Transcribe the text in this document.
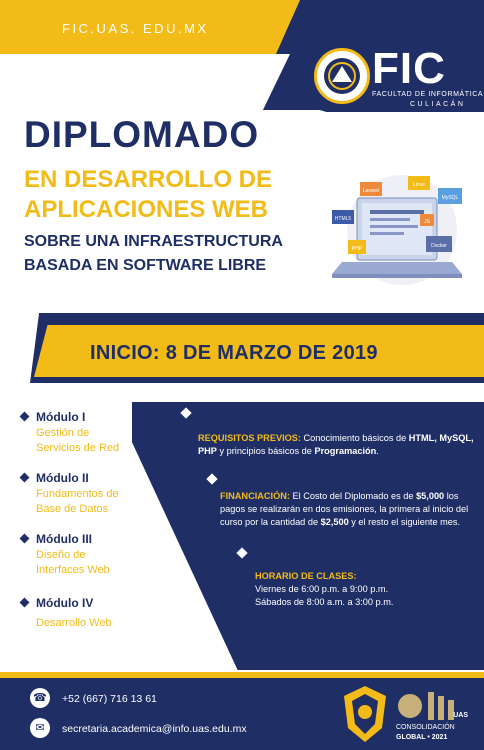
FIC.UAS. EDU.MX
FIC
FACULTAD DE INFORMÁTICA
CULIACÁN
DIPLOMADO
EN DESARROLLO DE APLICACIONES WEB
SOBRE UNA INFRAESTRUCTURA
BASADA EN SOFTWARE LIBRE
Laravel
Linux
MySQL
HTML5	JS
PHP	Docker
INICIO: 8 DE MARZO DE 2019
Módulo I
Gestión de Servicios de Red
Módulo II
Fundamentos de Base de Datos
Módulo III
Diseño de Interfaces Web
Módulo IV
Desarrollo Web
REQUISITOS PREVIOS: Conocimiento básicos de HTML, MySQL, PHP y principios básicos de Programación.
FINANCIACIÓN: El Costo del Diplomado es de $5,000 los pagos se realizarán en dos emisiones, la primera al inicio del curso por la cantidad de $2,500 y el resto el siguiente mes.
HORARIO DE CLASES:
Viernes de 6:00 p.m. a 9:00 p.m.
Sábados de 8:00 a.m. a 3:00 p.m.
☎	+52 (667) 716 13 61
✉	secretaria.academica@info.uas.edu.mx
UAS
CONSOLIDACIÓN
GLOBAL • 2021
